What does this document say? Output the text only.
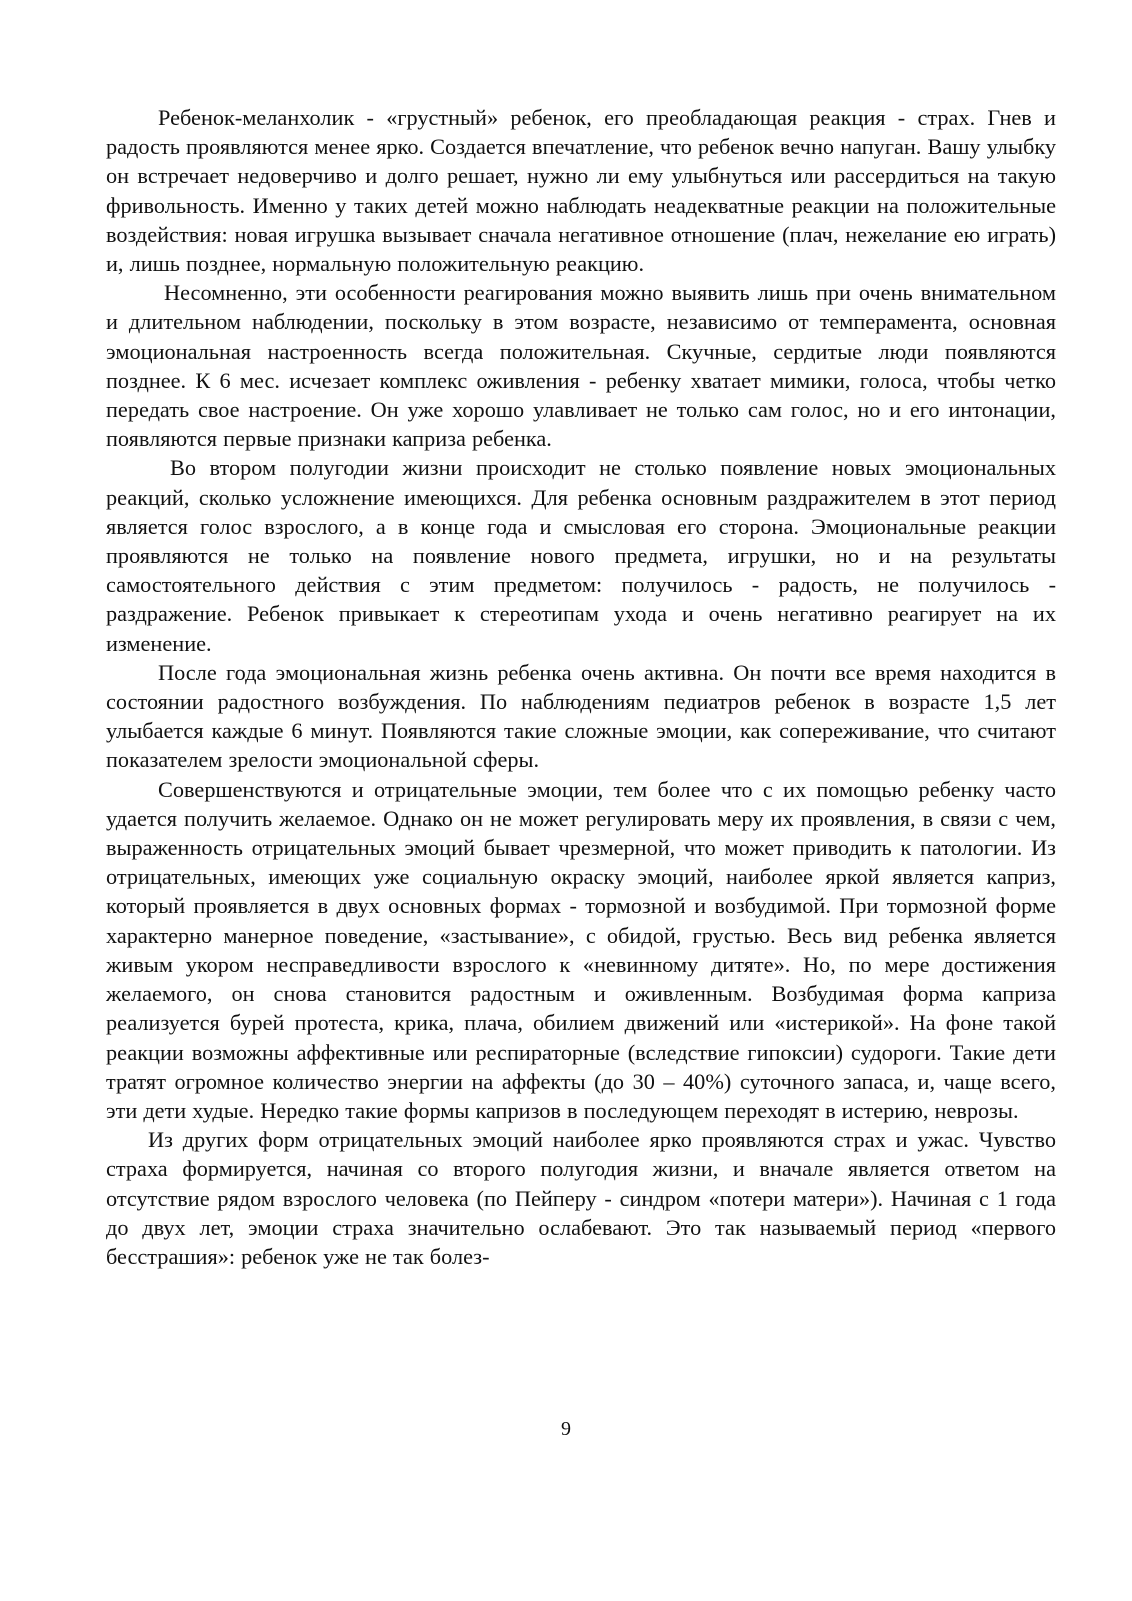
Ребенок-меланхолик - «грустный» ребенок, его преобладающая реакция - страх. Гнев и радость проявляются менее ярко. Создается впечатление, что ребенок вечно напуган. Вашу улыбку он встречает недоверчиво и долго решает, нужно ли ему улыбнуться или рассердиться на такую фривольность. Именно у таких детей можно наблюдать неадекватные реакции на положительные воздействия: новая игрушка вызывает сначала негативное отношение (плач, нежелание ею играть) и, лишь позднее, нормальную положительную реакцию.

Несомненно, эти особенности реагирования можно выявить лишь при очень внимательном и длительном наблюдении, поскольку в этом возрасте, независимо от темперамента, основная эмоциональная настроенность всегда положительная. Скучные, сердитые люди появляются позднее. К 6 мес. исчезает комплекс оживления - ребенку хватает мимики, голоса, чтобы четко передать свое настроение. Он уже хорошо улавливает не только сам голос, но и его интонации, появляются первые признаки каприза ребенка.

Во втором полугодии жизни происходит не столько появление новых эмоциональных реакций, сколько усложнение имеющихся. Для ребенка основным раздражителем в этот период является голос взрослого, а в конце года и смысловая его сторона. Эмоциональные реакции проявляются не только на появление нового предмета, игрушки, но и на результаты самостоятельного действия с этим предметом: получилось - радость, не получилось - раздражение. Ребенок привыкает к стереотипам ухода и очень негативно реагирует на их изменение.

После года эмоциональная жизнь ребенка очень активна. Он почти все время находится в состоянии радостного возбуждения. По наблюдениям педиатров ребенок в возрасте 1,5 лет улыбается каждые 6 минут. Появляются такие сложные эмоции, как сопереживание, что считают показателем зрелости эмоциональной сферы.

Совершенствуются и отрицательные эмоции, тем более что с их помощью ребенку часто удается получить желаемое. Однако он не может регулировать меру их проявления, в связи с чем, выраженность отрицательных эмоций бывает чрезмерной, что может приводить к патологии. Из отрицательных, имеющих уже социальную окраску эмоций, наиболее яркой является каприз, который проявляется в двух основных формах - тормозной и возбудимой. При тормозной форме характерно манерное поведение, «застывание», с обидой, грустью. Весь вид ребенка является живым укором несправедливости взрослого к «невинному дитяте». Но, по мере достижения желаемого, он снова становится радостным и оживленным. Возбудимая форма каприза реализуется бурей протеста, крика, плача, обилием движений или «истерикой». На фоне такой реакции возможны аффективные или респираторные (вследствие гипоксии) судороги. Такие дети тратят огромное количество энергии на аффекты (до 30 – 40%) суточного запаса, и, чаще всего, эти дети худые. Нередко такие формы капризов в последующем переходят в истерию, неврозы.

Из других форм отрицательных эмоций наиболее ярко проявляются страх и ужас. Чувство страха формируется, начиная со второго полугодия жизни, и вначале является ответом на отсутствие рядом взрослого человека (по Пейперу - синдром «потери матери»). Начиная с 1 года до двух лет, эмоции страха значительно ослабевают. Это так называемый период «первого бесстрашия»: ребенок уже не так болез-

9
